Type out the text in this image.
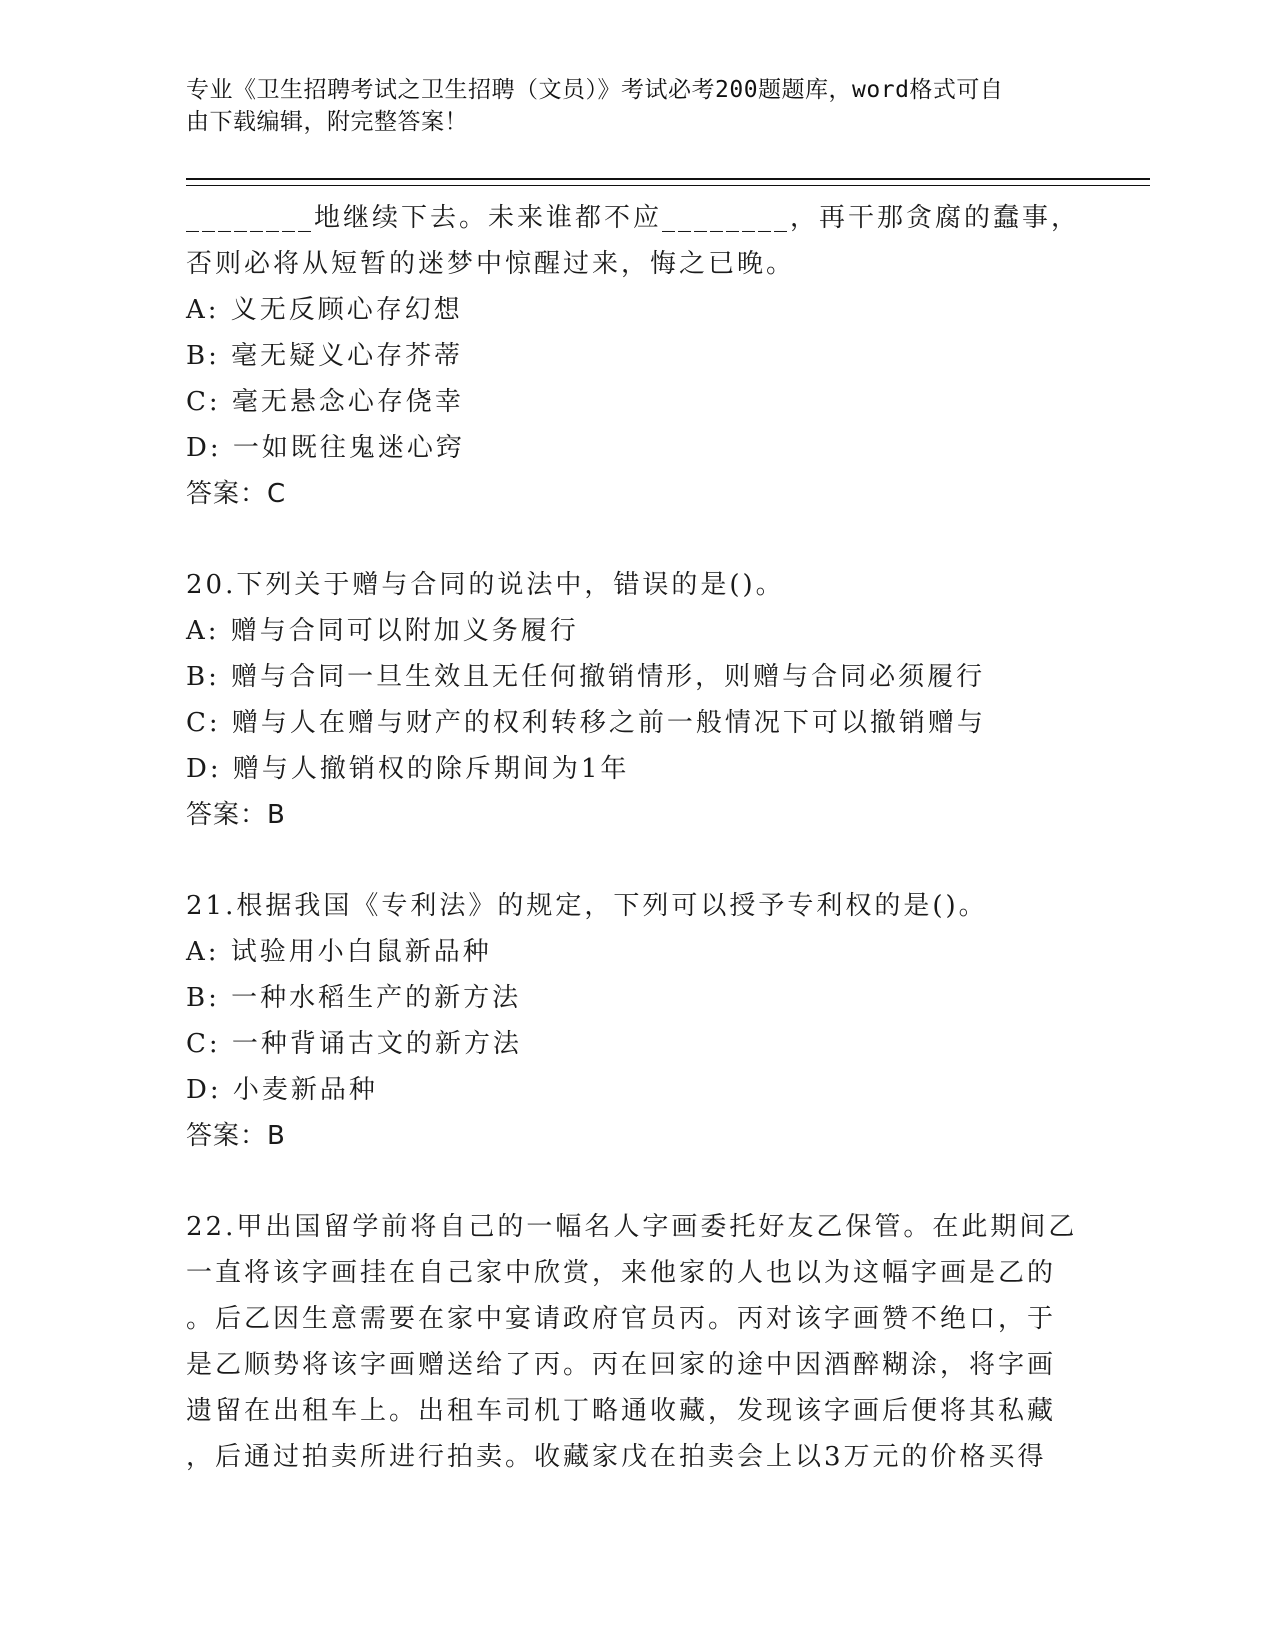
专业《卫生招聘考试之卫生招聘（文员）》考试必考200题题库，word格式可自
由下载编辑，附完整答案！
________地继续下去。未来谁都不应________，再干那贪腐的蠢事，
否则必将从短暂的迷梦中惊醒过来，悔之已晚。
A: 义无反顾心存幻想
B: 毫无疑义心存芥蒂
C: 毫无悬念心存侥幸
D: 一如既往鬼迷心窍
答案：C
20.下列关于赠与合同的说法中，错误的是()。
A: 赠与合同可以附加义务履行
B: 赠与合同一旦生效且无任何撤销情形，则赠与合同必须履行
C: 赠与人在赠与财产的权利转移之前一般情况下可以撤销赠与
D: 赠与人撤销权的除斥期间为1年
答案：B
21.根据我国《专利法》的规定，下列可以授予专利权的是()。
A: 试验用小白鼠新品种
B: 一种水稻生产的新方法
C: 一种背诵古文的新方法
D: 小麦新品种
答案：B
22.甲出国留学前将自己的一幅名人字画委托好友乙保管。在此期间乙
一直将该字画挂在自己家中欣赏，来他家的人也以为这幅字画是乙的
。后乙因生意需要在家中宴请政府官员丙。丙对该字画赞不绝口，于
是乙顺势将该字画赠送给了丙。丙在回家的途中因酒醉糊涂，将字画
遗留在出租车上。出租车司机丁略通收藏，发现该字画后便将其私藏
，后通过拍卖所进行拍卖。收藏家戊在拍卖会上以3万元的价格买得
